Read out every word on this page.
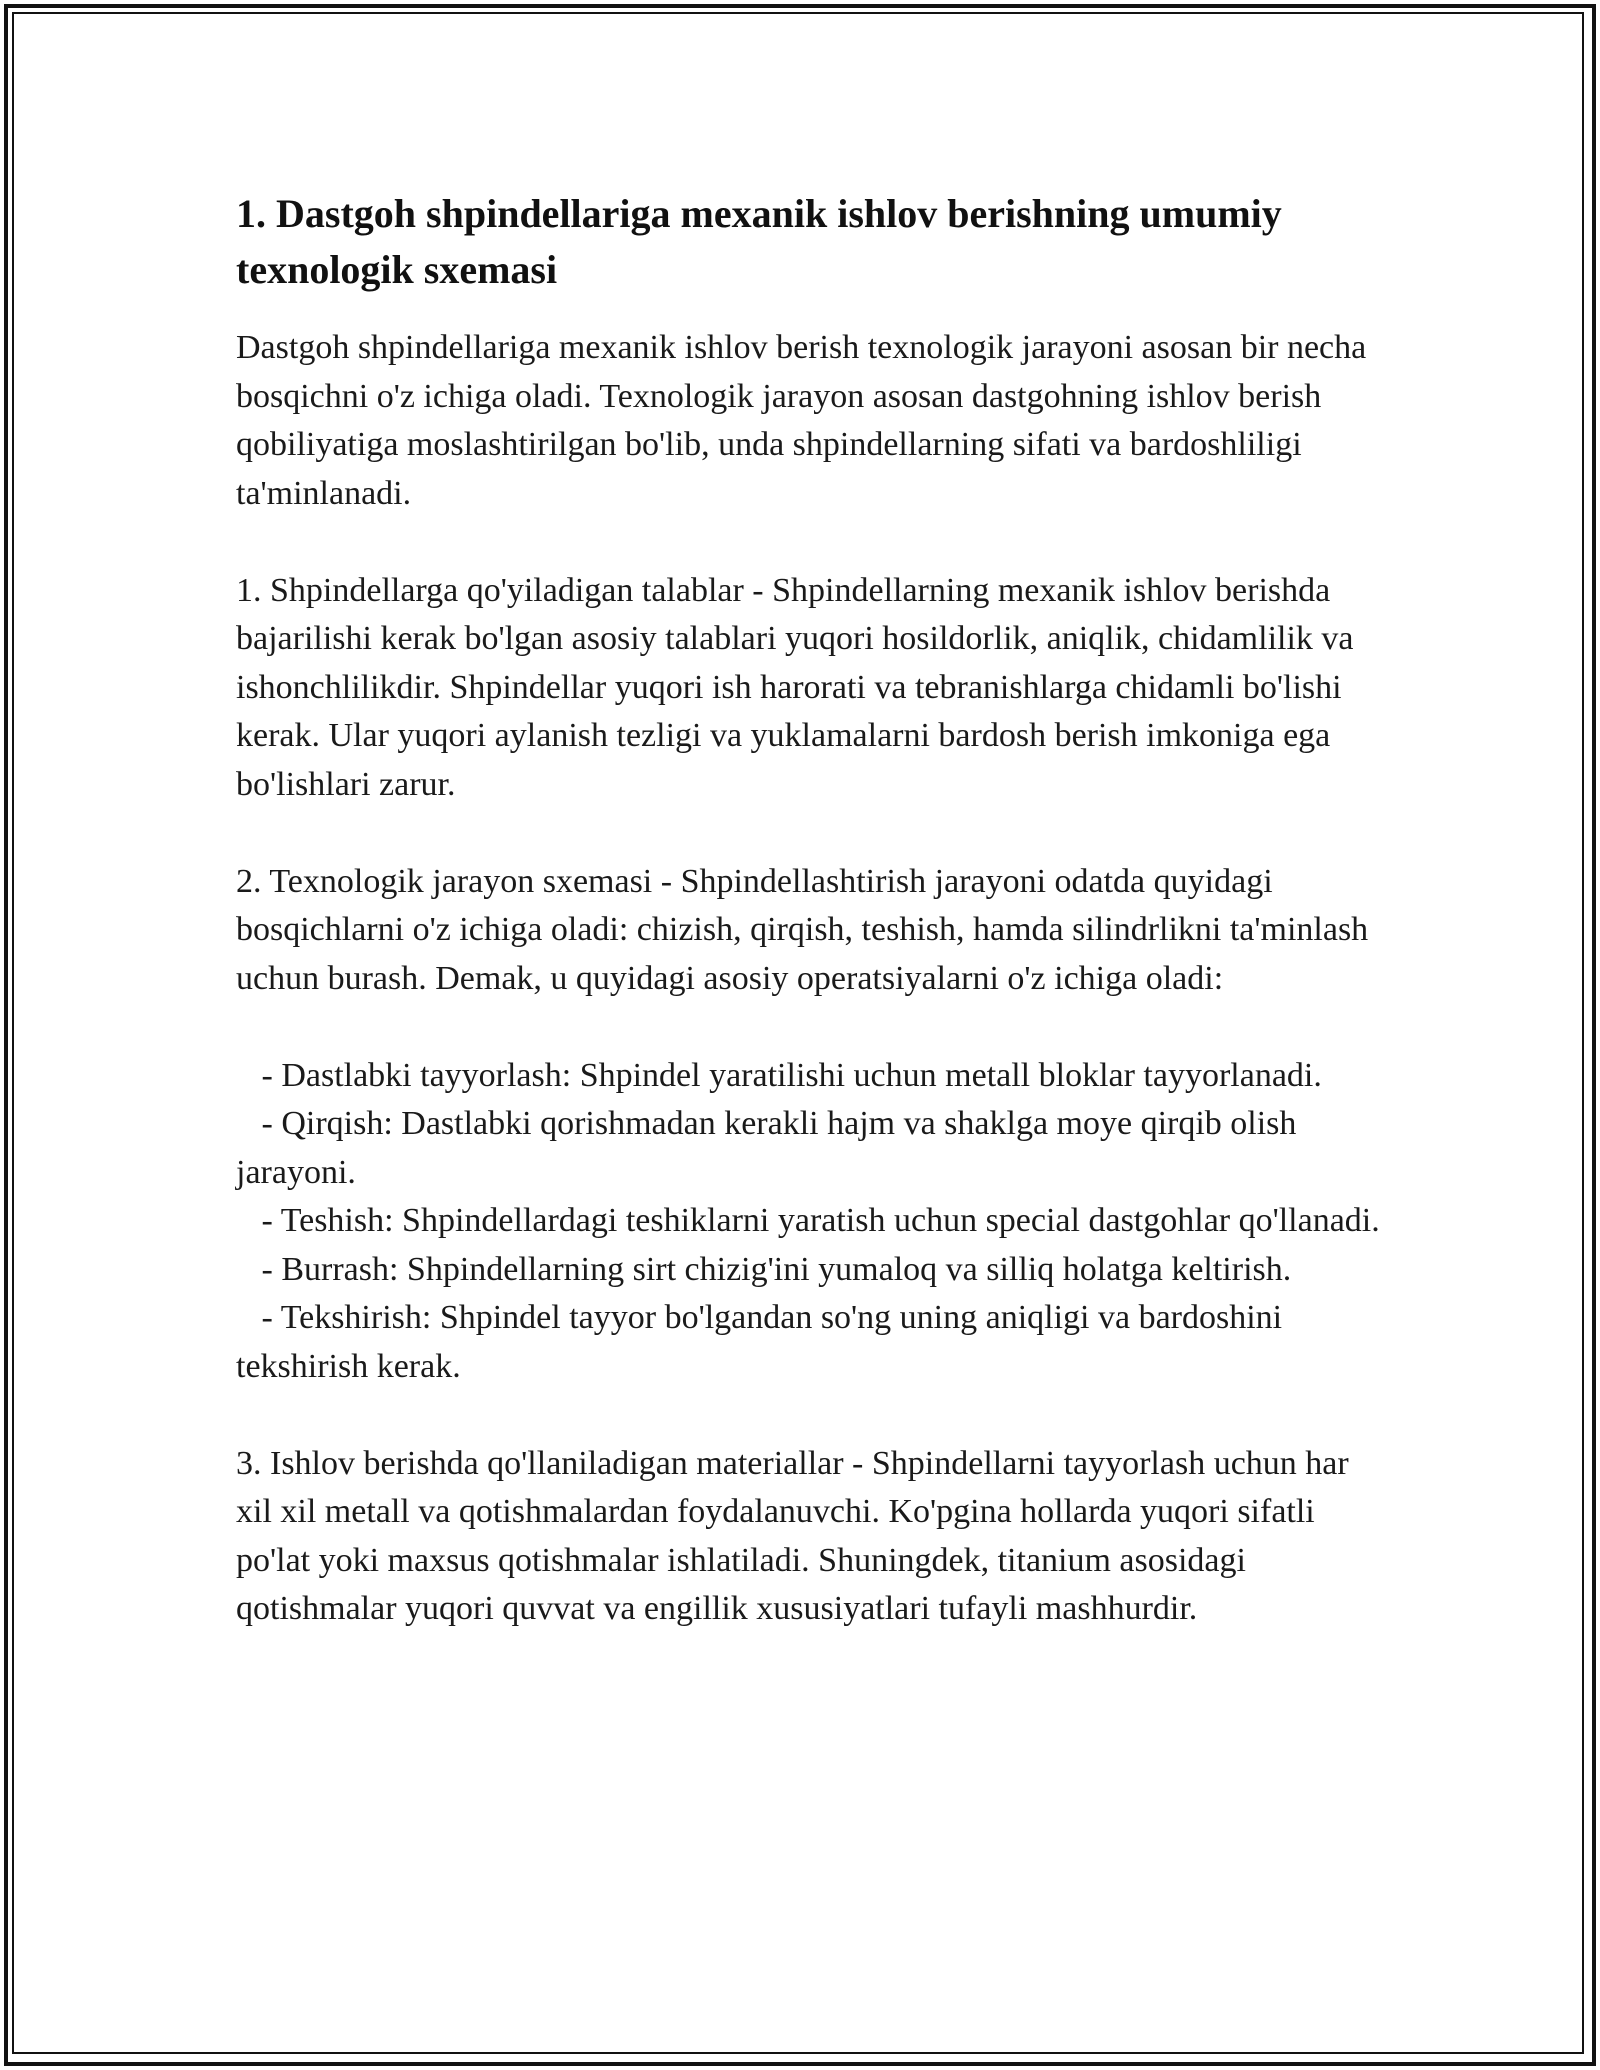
1. Dastgoh shpindellariga mexanik ishlov berishning umumiy texnologik sxemasi

Dastgoh shpindellariga mexanik ishlov berish texnologik jarayoni asosan bir necha bosqichni o'z ichiga oladi. Texnologik jarayon asosan dastgohning ishlov berish qobiliyatiga moslashtirilgan bo'lib, unda shpindellarning sifati va bardoshliligi ta'minlanadi.

1. Shpindellarga qo'yiladigan talablar - Shpindellarning mexanik ishlov berishda bajarilishi kerak bo'lgan asosiy talablari yuqori hosildorlik, aniqlik, chidamlilik va ishonchlilikdir. Shpindellar yuqori ish harorati va tebranishlarga chidamli bo'lishi kerak. Ular yuqori aylanish tezligi va yuklamalarni bardosh berish imkoniga ega bo'lishlari zarur.

2. Texnologik jarayon sxemasi - Shpindellashtirish jarayoni odatda quyidagi bosqichlarni o'z ichiga oladi: chizish, qirqish, teshish, hamda silindrlikni ta'minlash uchun burash. Demak, u quyidagi asosiy operatsiyalarni o'z ichiga oladi:

- Dastlabki tayyorlash: Shpindel yaratilishi uchun metall bloklar tayyorlanadi.

- Qirqish: Dastlabki qorishmadan kerakli hajm va shaklga moye qirqib olish jarayoni.

- Teshish: Shpindellardagi teshiklarni yaratish uchun special dastgohlar qo'llanadi.

- Burrash: Shpindellarning sirt chizig'ini yumaloq va silliq holatga keltirish.

- Tekshirish: Shpindel tayyor bo'lgandan so'ng uning aniqligi va bardoshini tekshirish kerak.

3. Ishlov berishda qo'llaniladigan materiallar - Shpindellarni tayyorlash uchun har xil xil metall va qotishmalardan foydalanuvchi. Ko'pgina hollarda yuqori sifatli po'lat yoki maxsus qotishmalar ishlatiladi. Shuningdek, titanium asosidagi qotishmalar yuqori quvvat va engillik xususiyatlari tufayli mashhurdir.
